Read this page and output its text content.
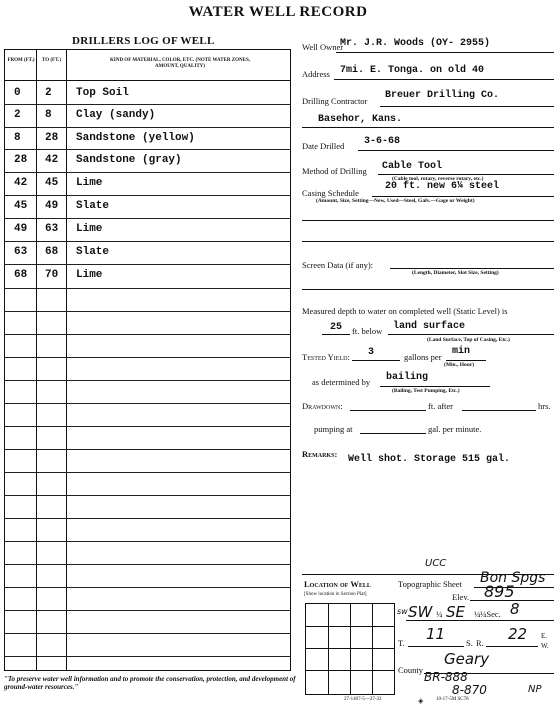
WATER WELL RECORD
DRILLERS LOG OF WELL
FROM (FT.)	TO (FT.)	KIND OF MATERIAL, COLOR, ETC. (NOTE WATER ZONES, AMOUNT, QUALITY)
0 2 Top Soil
2 8 Clay (sandy)
8 28 Sandstone (yellow)
28 42 Sandstone (gray)
42 45 Lime
45 49 Slate
49 63 Lime
63 68 Slate
68 70 Lime
"To preserve water well information and to promote the conservation, protection, and development of ground-water resources."
Well Owner
Mr. J.R. Woods (OY- 2955)
Address 7mi. E. Tonga. on old 40
Drilling Contractor Breuer Drilling Co.
Basehor, Kans.
Date Drilled 3-6-68
Method of Drilling Cable Tool
(Cable tool, rotary, reverse rotary, etc.)
Casing Schedule
20 ft. new 6¼ steel
(Amount, Size, Setting—New, Used—Steel, Galv.—Gage or Weight)
Screen Data (if any):
(Length, Diameter, Slot Size, Setting)
Measured depth to water on completed well (Static Level) is
25 ft. below land surface
(Land Surface, Top of Casing, Etc.)
Tested Yield: 3	gallons per min
(Min., Hour)
as determined by bailing
(Bailing, Test Pumping, Etc.)
Drawdown:	ft. after	hrs.
pumping at	gal. per minute.
Remarks: Well shot. Storage 515 gal.
UCC
Location of Well	Topographic Sheet Bon Spgs
[Show location in Section Plat]	Elev. 895
sw SW ¼ SE ¼ ¼Sec. 8
T. 11 S. R. 22 E.
W.
County
Geary
BR-888
8-870	NP
27-1407-5—27-32	◈	10-17-5M SC78
